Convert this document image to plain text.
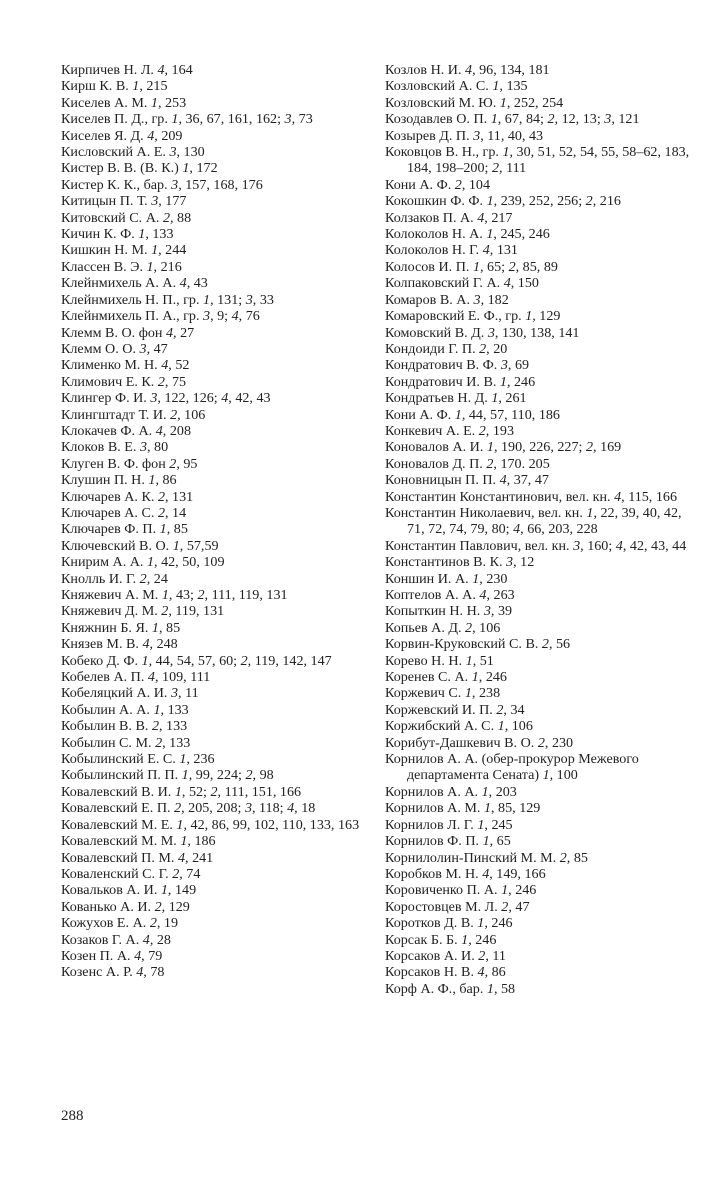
Кирпичев Н. Л. 4, 164
Кирш К. В. 1, 215
Киселев А. М. 1, 253
Киселев П. Д., гр. 1, 36, 67, 161, 162; 3, 73
Киселев Я. Д. 4, 209
Кисловский А. Е. 3, 130
Кистер В. В. (В. К.) 1, 172
Кистер К. К., бар. 3, 157, 168, 176
Китицын П. Т. 3, 177
Китовский С. А. 2, 88
Кичин К. Ф. 1, 133
Кишкин Н. М. 1, 244
Классен В. Э. 1, 216
Клейнмихель А. А. 4, 43
Клейнмихель Н. П., гр. 1, 131; 3, 33
Клейнмихель П. А., гр. 3, 9; 4, 76
Клемм В. О. фон 4, 27
Клемм О. О. 3, 47
Клименко М. Н. 4, 52
Климович Е. К. 2, 75
Клингер Ф. И. 3, 122, 126; 4, 42, 43
Клингштадт Т. И. 2, 106
Клокачев Ф. А. 4, 208
Клоков В. Е. 3, 80
Клуген В. Ф. фон 2, 95
Клушин П. Н. 1, 86
Ключарев А. К. 2, 131
Ключарев А. С. 2, 14
Ключарев Ф. П. 1, 85
Ключевский В. О. 1, 57,59
Книрим А. А. 1, 42, 50, 109
Кнолль И. Г. 2, 24
Княжевич А. М. 1, 43; 2, 111, 119, 131
Княжевич Д. М. 2, 119, 131
Княжнин Б. Я. 1, 85
Князев М. В. 4, 248
Кобеко Д. Ф. 1, 44, 54, 57, 60; 2, 119, 142, 147
Кобелев А. П. 4, 109, 111
Кобеляцкий А. И. 3, 11
Кобылин А. А. 1, 133
Кобылин В. В. 2, 133
Кобылин С. М. 2, 133
Кобылинский Е. С. 1, 236
Кобылинский П. П. 1, 99, 224; 2, 98
Ковалевский В. И. 1, 52; 2, 111, 151, 166
Ковалевский Е. П. 2, 205, 208; 3, 118; 4, 18
Ковалевский М. Е. 1, 42, 86, 99, 102, 110, 133, 163
Ковалевский М. М. 1, 186
Ковалевский П. М. 4, 241
Коваленский С. Г. 2, 74
Ковальков А. И. 1, 149
Кованько А. И. 2, 129
Кожухов Е. А. 2, 19
Козаков Г. А. 4, 28
Козен П. А. 4, 79
Козенс А. Р. 4, 78
Козлов Н. И. 4, 96, 134, 181
Козловский А. С. 1, 135
Козловский М. Ю. 1, 252, 254
Козодавлев О. П. 1, 67, 84; 2, 12, 13; 3, 121
Козырев Д. П. 3, 11, 40, 43
Коковцов В. Н., гр. 1, 30, 51, 52, 54, 55, 58–62, 183, 184, 198–200; 2, 111
Кони А. Ф. 2, 104
Кокошкин Ф. Ф. 1, 239, 252, 256; 2, 216
Колзаков П. А. 4, 217
Колоколов Н. А. 1, 245, 246
Колоколов Н. Г. 4, 131
Колосов И. П. 1, 65; 2, 85, 89
Колпаковский Г. А. 4, 150
Комаров В. А. 3, 182
Комаровский Е. Ф., гр. 1, 129
Комовский В. Д. 3, 130, 138, 141
Кондоиди Г. П. 2, 20
Кондратович В. Ф. 3, 69
Кондратович И. В. 1, 246
Кондратьев Н. Д. 1, 261
Кони А. Ф. 1, 44, 57, 110, 186
Конкевич А. Е. 2, 193
Коновалов А. И. 1, 190, 226, 227; 2, 169
Коновалов Д. П. 2, 170. 205
Коновницын П. П. 4, 37, 47
Константин Константинович, вел. кн. 4, 115, 166
Константин Николаевич, вел. кн. 1, 22, 39, 40, 42, 71, 72, 74, 79, 80; 4, 66, 203, 228
Константин Павлович, вел. кн. 3, 160; 4, 42, 43, 44
Константинов В. К. 3, 12
Коншин И. А. 1, 230
Коптелов А. А. 4, 263
Копыткин Н. Н. 3, 39
Копьев А. Д. 2, 106
Корвин-Круковский С. В. 2, 56
Корево Н. Н. 1, 51
Коренев С. А. 1, 246
Коржевич С. 1, 238
Коржевский И. П. 2, 34
Коржибский А. С. 1, 106
Корибут-Дашкевич В. О. 2, 230
Корнилов А. А. (обер-прокурор Межевого департамента Сената) 1, 100
Корнилов А. А. 1, 203
Корнилов А. М. 1, 85, 129
Корнилов Л. Г. 1, 245
Корнилов Ф. П. 1, 65
Корнилолин-Пинский М. М. 2, 85
Коробков М. Н. 4, 149, 166
Коровиченко П. А. 1, 246
Коростовцев М. Л. 2, 47
Коротков Д. В. 1, 246
Корсак Б. Б. 1, 246
Корсаков А. И. 2, 11
Корсаков Н. В. 4, 86
Корф А. Ф., бар. 1, 58
288
